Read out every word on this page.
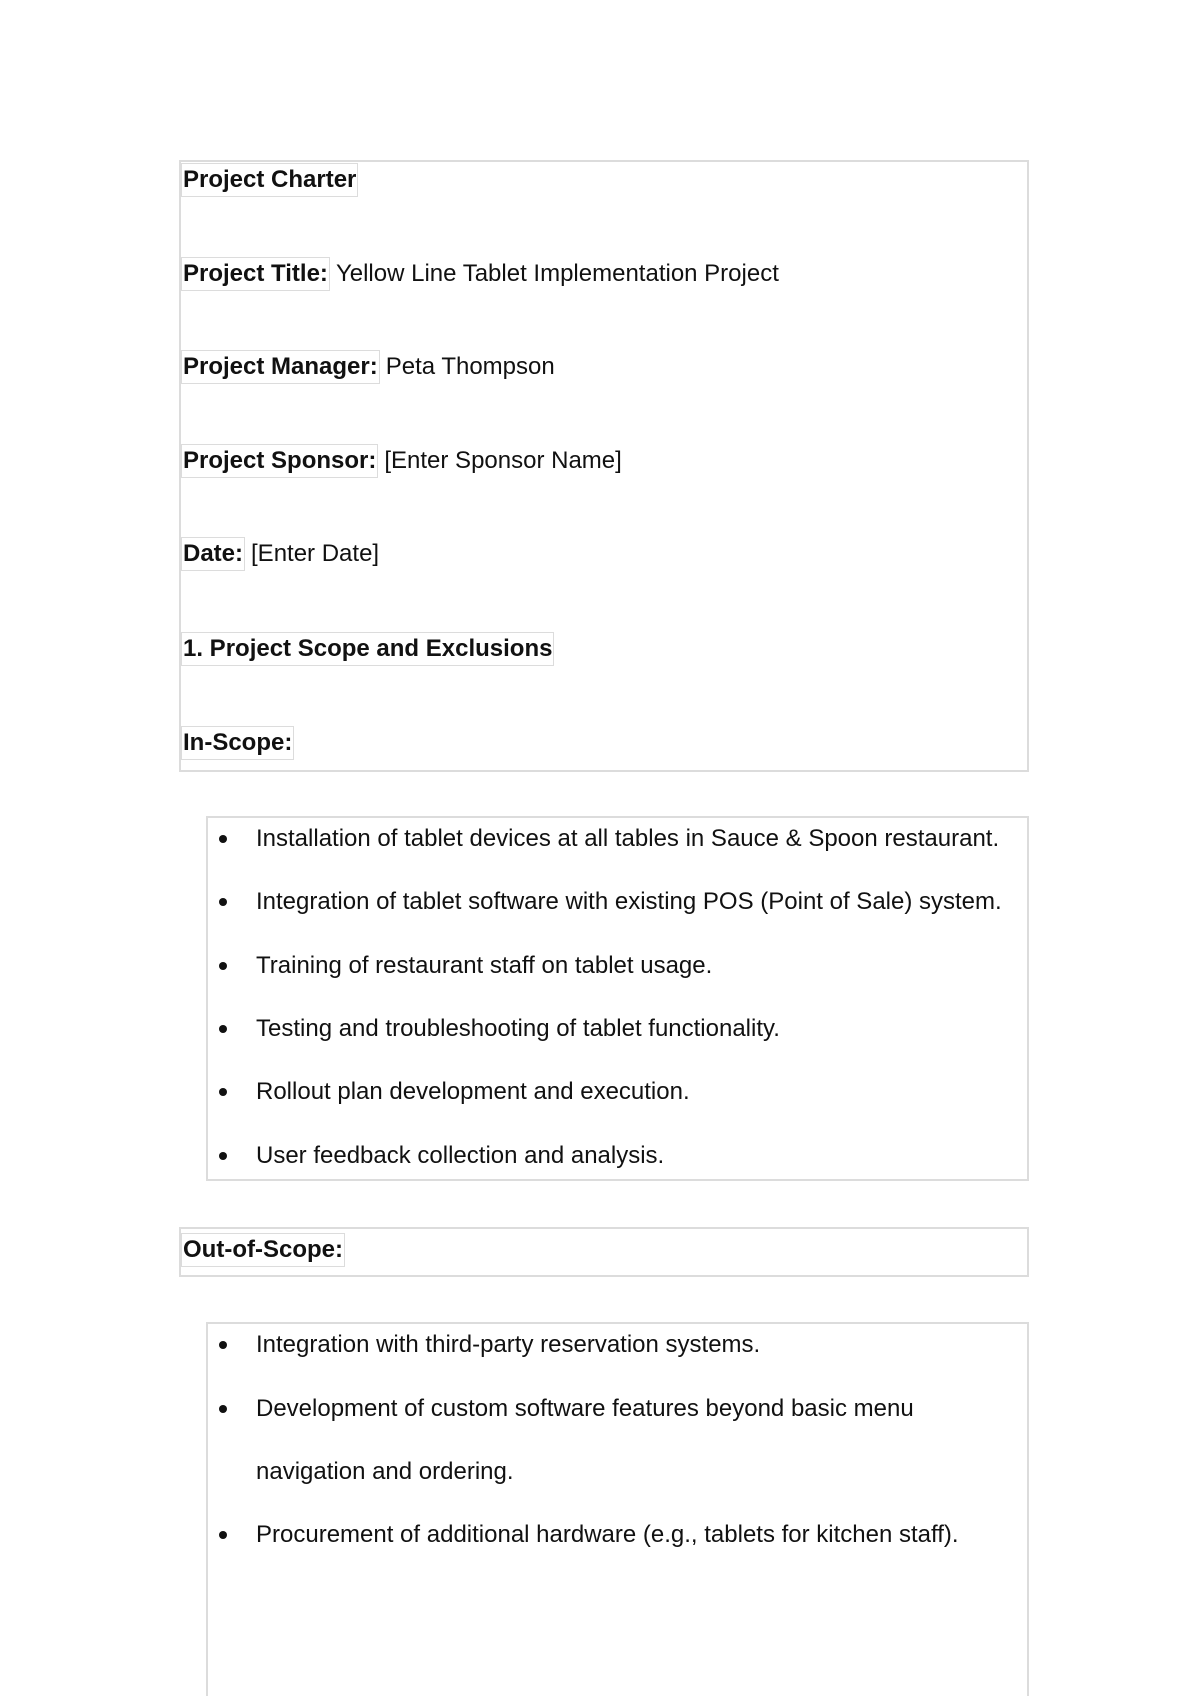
Project Charter
Project Title: Yellow Line Tablet Implementation Project
Project Manager: Peta Thompson
Project Sponsor: [Enter Sponsor Name]
Date: [Enter Date]
1. Project Scope and Exclusions
In-Scope:
Installation of tablet devices at all tables in Sauce & Spoon restaurant.
Integration of tablet software with existing POS (Point of Sale) system.
Training of restaurant staff on tablet usage.
Testing and troubleshooting of tablet functionality.
Rollout plan development and execution.
User feedback collection and analysis.
Out-of-Scope:
Integration with third-party reservation systems.
Development of custom software features beyond basic menu
navigation and ordering.
Procurement of additional hardware (e.g., tablets for kitchen staff).
